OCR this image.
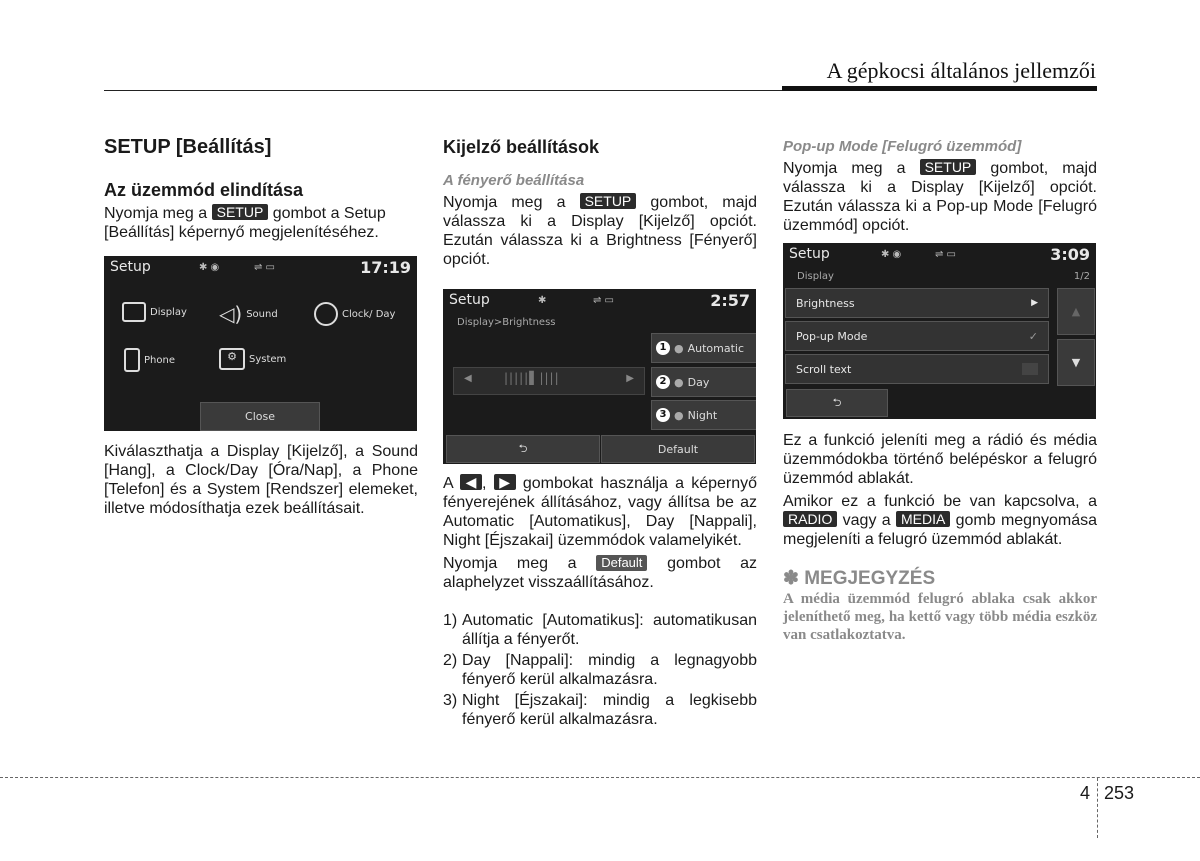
A gépkocsi általános jellemzői
SETUP [Beállítás]
Az üzemmód elindítása

Nyomja meg a SETUP gombot a Setup [Beállítás] képernyő megjelenítéséhez.

Setup	✱ ◉	⇌ ▭	17:19
Display ◁) Sound	Clock/ Day
Phone	⚙	System
Close

Kiválaszthatja a Display [Kijelző], a Sound [Hang], a Clock/Day [Óra/Nap], a Phone [Telefon] és a System [Rendszer] elemeket, illetve módosíthatja ezek beállításait.

Kijelző beállítások
A fényerő beállítása

Nyomja meg a SETUP gombot, majd válassza ki a Display [Kijelző] opciót. Ezután válassza ki a Brightness [Fényerő] opciót.

Setup	✱	⇌ ▭	2:57
Display>Brightness
◀	|||||▌||||	▶
1 ● Automatic
2 ● Day
3 ● Night
⮌	Default

A ◀ , ▶ gombokat használja a képernyő fényerejének állításához, vagy állítsa be az Automatic [Automatikus], Day [Nappali], Night [Éjszakai] üzemmódok valamelyikét.

Nyomja meg a Default gombot az alaphelyzet visszaállításához.

1) Automatic [Automatikus]: automatikusan állítja a fényerőt.
2) Day [Nappali]: mindig a legnagyobb fényerő kerül alkalmazásra.
3) Night [Éjszakai]: mindig a legkisebb fényerő kerül alkalmazásra.
Pop-up Mode [Felugró üzemmód]

Nyomja meg a SETUP gombot, majd válassza ki a Display [Kijelző] opciót. Ezután válassza ki a Pop-up Mode [Felugró üzemmód] opciót.

Setup	✱ ◉	⇌ ▭	3:09
Display	1/2
Brightness	▶
Pop-up Mode	✓
Scroll text
▲
▼
⮌

Ez a funkció jeleníti meg a rádió és média üzemmódokba történő belépéskor a felugró üzemmód ablakát.

Amikor ez a funkció be van kapcsolva, a RADIO vagy a MEDIA gomb megnyomása megjeleníti a felugró üzemmód ablakát.

✽ MEGJEGYZÉS

A média üzemmód felugró ablaka csak akkor jeleníthető meg, ha kettő vagy több média eszköz van csatlakoztatva.

4 253
